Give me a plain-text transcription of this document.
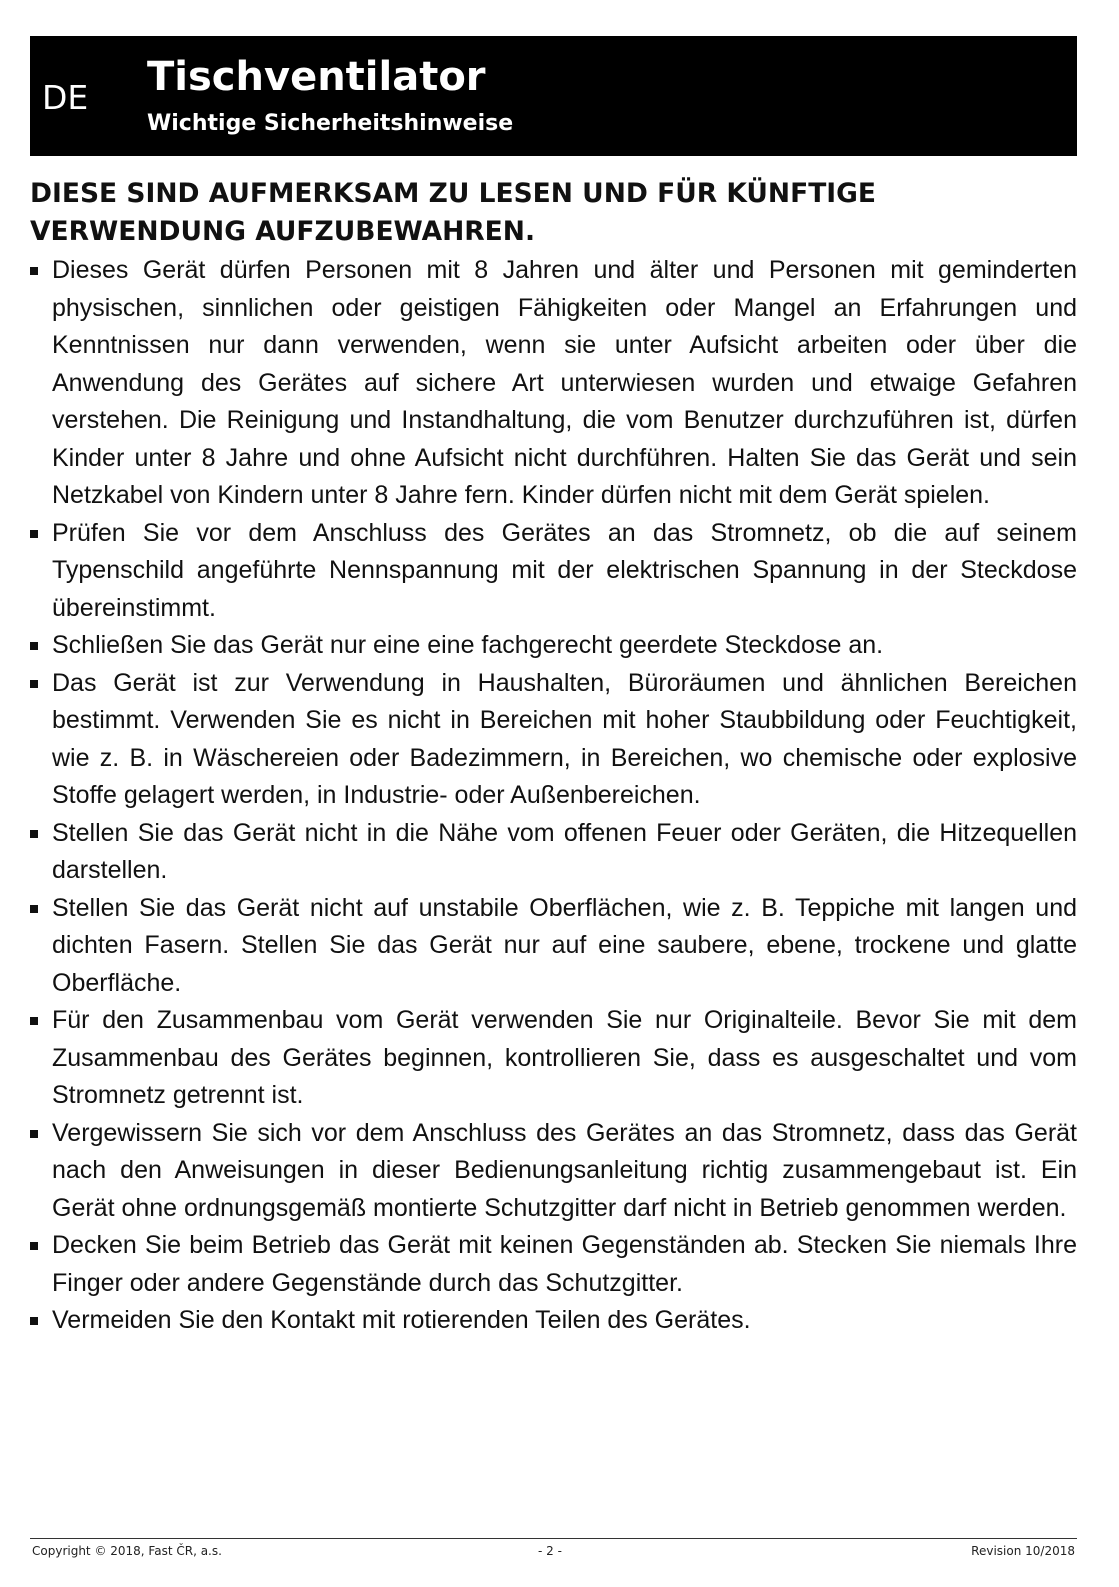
DE Tischventilator
Wichtige Sicherheitshinweise
DIESE SIND AUFMERKSAM ZU LESEN UND FÜR KÜNFTIGE VERWENDUNG AUFZUBEWAHREN.
Dieses Gerät dürfen Personen mit 8 Jahren und älter und Personen mit geminderten physischen, sinnlichen oder geistigen Fähigkeiten oder Mangel an Erfahrungen und Kenntnissen nur dann verwenden, wenn sie unter Aufsicht arbeiten oder über die Anwendung des Gerätes auf sichere Art unterwiesen wurden und etwaige Gefahren verstehen. Die Reinigung und Instandhaltung, die vom Benutzer durchzuführen ist, dürfen Kinder unter 8 Jahre und ohne Aufsicht nicht durchführen. Halten Sie das Gerät und sein Netzkabel von Kindern unter 8 Jahre fern. Kinder dürfen nicht mit dem Gerät spielen.
Prüfen Sie vor dem Anschluss des Gerätes an das Stromnetz, ob die auf seinem Typenschild angeführte Nennspannung mit der elektrischen Spannung in der Steckdose übereinstimmt.
Schließen Sie das Gerät nur eine eine fachgerecht geerdete Steckdose an.
Das Gerät ist zur Verwendung in Haushalten, Büroräumen und ähnlichen Bereichen bestimmt. Verwenden Sie es nicht in Bereichen mit hoher Staubbildung oder Feuchtigkeit, wie z. B. in Wäschereien oder Badezimmern, in Bereichen, wo chemische oder explosive Stoffe gelagert werden, in Industrie- oder Außenbereichen.
Stellen Sie das Gerät nicht in die Nähe vom offenen Feuer oder Geräten, die Hitzequellen darstellen.
Stellen Sie das Gerät nicht auf unstabile Oberflächen, wie z. B. Teppiche mit langen und dichten Fasern. Stellen Sie das Gerät nur auf eine saubere, ebene, trockene und glatte Oberfläche.
Für den Zusammenbau vom Gerät verwenden Sie nur Originalteile. Bevor Sie mit dem Zusammenbau des Gerätes beginnen, kontrollieren Sie, dass es ausgeschaltet und vom Stromnetz getrennt ist.
Vergewissern Sie sich vor dem Anschluss des Gerätes an das Stromnetz, dass das Gerät nach den Anweisungen in dieser Bedienungsanleitung richtig zusammengebaut ist. Ein Gerät ohne ordnungsgemäß montierte Schutzgitter darf nicht in Betrieb genommen werden.
Decken Sie beim Betrieb das Gerät mit keinen Gegenständen ab. Stecken Sie niemals Ihre Finger oder andere Gegenstände durch das Schutzgitter.
Vermeiden Sie den Kontakt mit rotierenden Teilen des Gerätes.
Copyright © 2018, Fast ČR, a.s.	- 2 -	Revision 10/2018
